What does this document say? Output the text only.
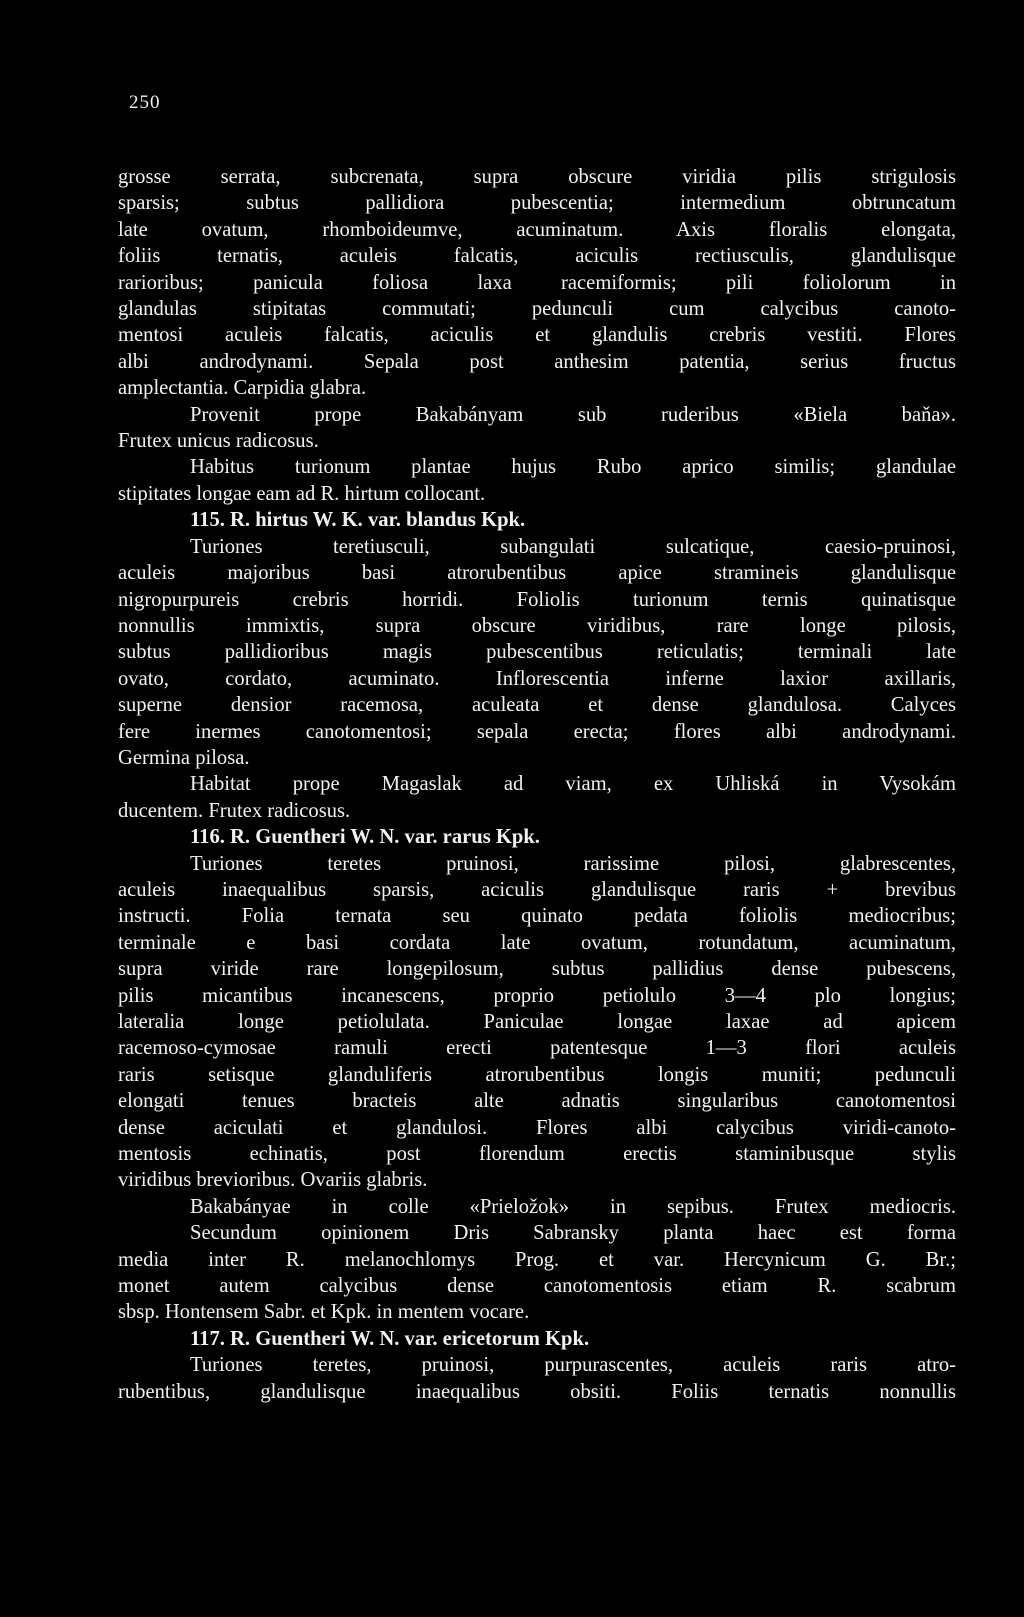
250
grosse serrata, subcrenata, supra obscure viridia pilis strigulosis
sparsis; subtus pallidiora pubescentia; intermedium obtruncatum
late ovatum, rhomboideumve, acuminatum. Axis floralis elongata,
foliis ternatis, aculeis falcatis, aciculis rectiusculis, glandulisque
rarioribus; panicula foliosa laxa racemiformis; pili foliolorum in
glandulas stipitatas commutati; pedunculi cum calycibus canoto-
mentosi aculeis falcatis, aciculis et glandulis crebris vestiti. Flores
albi androdynami. Sepala post anthesim patentia, serius fructus
amplectantia. Carpidia glabra.
Provenit prope Bakabányam sub ruderibus «Biela baňa».
Frutex unicus radicosus.
Habitus turionum plantae hujus Rubo aprico similis; glandulae
stipitates longae eam ad R. hirtum collocant.
115. R. hirtus W. K. var. blandus Kpk.
Turiones teretiusculi, subangulati sulcatique, caesio-pruinosi,
aculeis majoribus basi atrorubentibus apice stramineis glandulisque
nigropurpureis crebris horridi. Foliolis turionum ternis quinatisque
nonnullis immixtis, supra obscure viridibus, rare longe pilosis,
subtus pallidioribus magis pubescentibus reticulatis; terminali late
ovato, cordato, acuminato. Inflorescentia inferne laxior axillaris,
superne densior racemosa, aculeata et dense glandulosa. Calyces
fere inermes canotomentosi; sepala erecta; flores albi androdynami.
Germina pilosa.
Habitat prope Magaslak ad viam, ex Uhliská in Vysokám
ducentem. Frutex radicosus.
116. R. Guentheri W. N. var. rarus Kpk.
Turiones teretes pruinosi, rarissime pilosi, glabrescentes,
aculeis inaequalibus sparsis, aciculis glandulisque raris + brevibus
instructi. Folia ternata seu quinato pedata foliolis mediocribus;
terminale e basi cordata late ovatum, rotundatum, acuminatum,
supra viride rare longepilosum, subtus pallidius dense pubescens,
pilis micantibus incanescens, proprio petiolulo 3—4 plo longius;
lateralia longe petiolulata. Paniculae longae laxae ad apicem
racemoso-cymosae ramuli erecti patentesque 1—3 flori aculeis
raris setisque glanduliferis atrorubentibus longis muniti; pedunculi
elongati tenues bracteis alte adnatis singularibus canotomentosi
dense aciculati et glandulosi. Flores albi calycibus viridi-canoto-
mentosis echinatis, post florendum erectis staminibusque stylis
viridibus brevioribus. Ovariis glabris.
Bakabányae in colle «Prieložok» in sepibus. Frutex mediocris.
Secundum opinionem Dris Sabransky planta haec est forma
media inter R. melanochlomys Prog. et var. Hercynicum G. Br.;
monet autem calycibus dense canotomentosis etiam R. scabrum
sbsp. Hontensem Sabr. et Kpk. in mentem vocare.
117. R. Guentheri W. N. var. ericetorum Kpk.
Turiones teretes, pruinosi, purpurascentes, aculeis raris atro-
rubentibus, glandulisque inaequalibus obsiti. Foliis ternatis nonnullis
